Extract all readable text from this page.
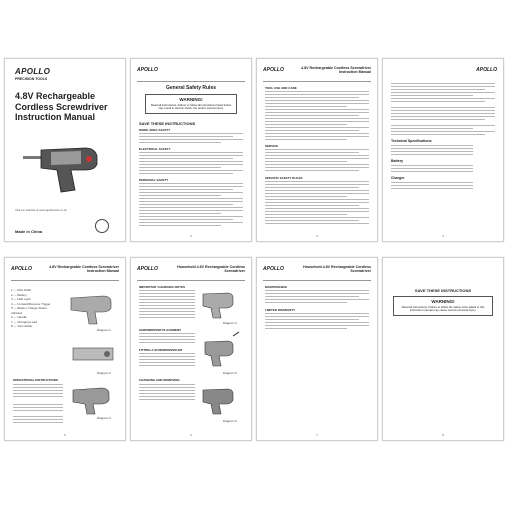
APOLLO
PRECISION TOOLS
4.8V Rechargeable Cordless Screwdriver Instruction Manual
Visit our website at www.apollotools.co.uk
Made in China
APOLLO
General Safety Rules
WARNING!
Read all instructions. Failure to follow all instructions listed below may result in electric shock, fire and/or serious injury.
SAVE THESE INSTRUCTIONS
WORK AREA SAFETY
ELECTRICAL SAFETY
PERSONAL SAFETY
2
APOLLO	4.8V Rechargeable Cordless Screwdriver Instruction Manual
TOOL USE AND CARE
SERVICE
SPECIFIC SAFETY RULES
3
APOLLO
Technical Specifications
Battery
Charger
4
APOLLO	4.8V Rechargeable Cordless Screwdriver Instruction Manual
1 — Pilot Shaft
2 — Battery
3 — LED Light
4 — Forward/Reverse Trigger
5 — Battery Charge Status Indicator
6 — Handle
7 — Charging Lead
8 — Tool Holder
Diagram 1
Diagram 2
OPERATIONAL INSTRUCTIONS
Diagram 3
5
APOLLO	Household 4.8V Rechargeable Cordless Screwdriver
IMPORTANT CHARGING NOTES
Diagram 4
SCREWDRIVER PLACEMENT
FITTING A SCREWDRIVER BIT
Diagram 5
CHANGING AND REMOVING
Diagram 6
6
APOLLO	Household 4.8V Rechargeable Cordless Screwdriver
MAINTENANCE
LIMITED WARRANTY
7
SAVE THESE INSTRUCTIONS
WARNING!
Read all instructions. Failure to follow the safety rules stated in this Instruction manual may cause serious personal injury.
8
